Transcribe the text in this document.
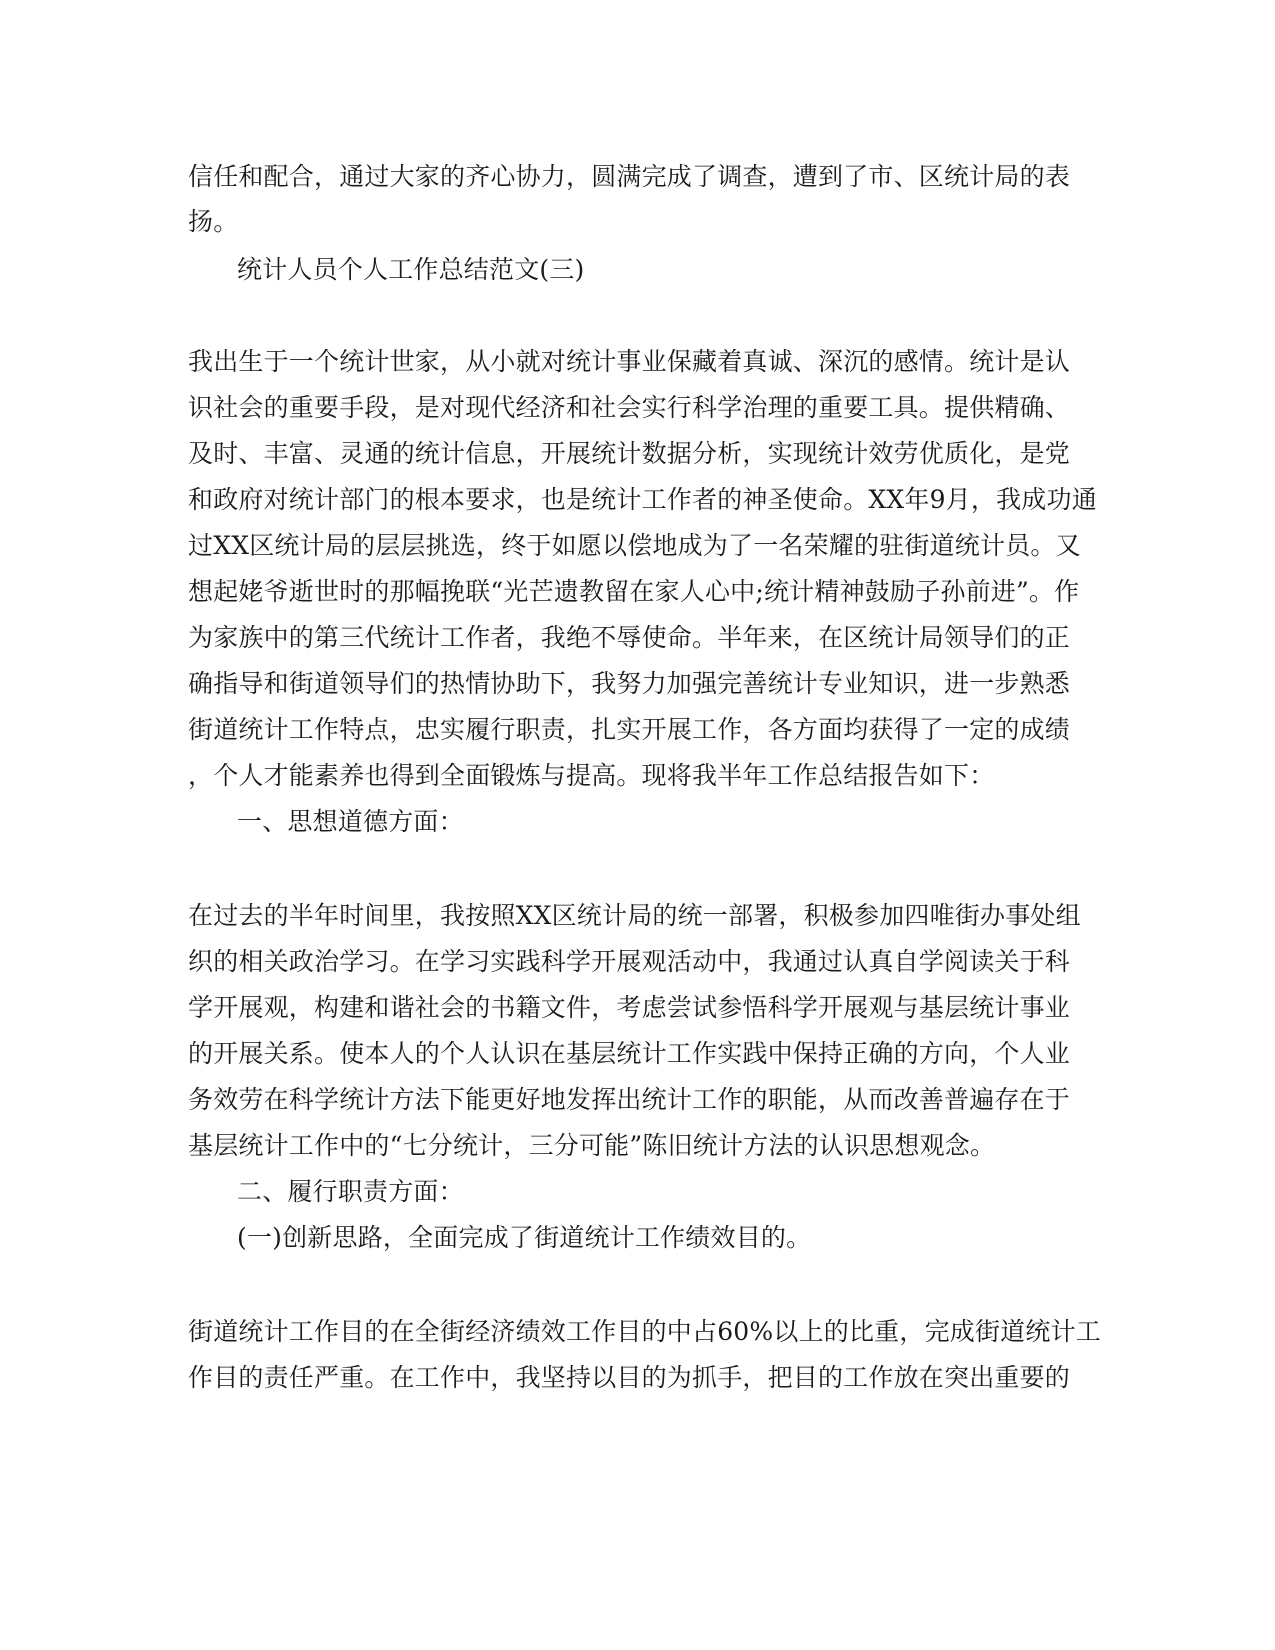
信任和配合，通过大家的齐心协力，圆满完成了调查，遭到了市、区统计局的表
扬。
统计人员个人工作总结范文(三)
我出生于一个统计世家，从小就对统计事业保藏着真诚、深沉的感情。统计是认
识社会的重要手段，是对现代经济和社会实行科学治理的重要工具。提供精确、
及时、丰富、灵通的统计信息，开展统计数据分析，实现统计效劳优质化，是党
和政府对统计部门的根本要求，也是统计工作者的神圣使命。XX年9月，我成功通
过XX区统计局的层层挑选，终于如愿以偿地成为了一名荣耀的驻街道统计员。又
想起姥爷逝世时的那幅挽联“光芒遗教留在家人心中;统计精神鼓励子孙前进”。作
为家族中的第三代统计工作者，我绝不辱使命。半年来，在区统计局领导们的正
确指导和街道领导们的热情协助下，我努力加强完善统计专业知识，进一步熟悉
街道统计工作特点，忠实履行职责，扎实开展工作，各方面均获得了一定的成绩
，个人才能素养也得到全面锻炼与提高。现将我半年工作总结报告如下：
一、思想道德方面：
在过去的半年时间里，我按照XX区统计局的统一部署，积极参加四唯街办事处组
织的相关政治学习。在学习实践科学开展观活动中，我通过认真自学阅读关于科
学开展观，构建和谐社会的书籍文件，考虑尝试参悟科学开展观与基层统计事业
的开展关系。使本人的个人认识在基层统计工作实践中保持正确的方向，个人业
务效劳在科学统计方法下能更好地发挥出统计工作的职能，从而改善普遍存在于
基层统计工作中的“七分统计，三分可能”陈旧统计方法的认识思想观念。
二、履行职责方面：
(一)创新思路，全面完成了街道统计工作绩效目的。
街道统计工作目的在全街经济绩效工作目的中占60%以上的比重，完成街道统计工
作目的责任严重。在工作中，我坚持以目的为抓手，把目的工作放在突出重要的
